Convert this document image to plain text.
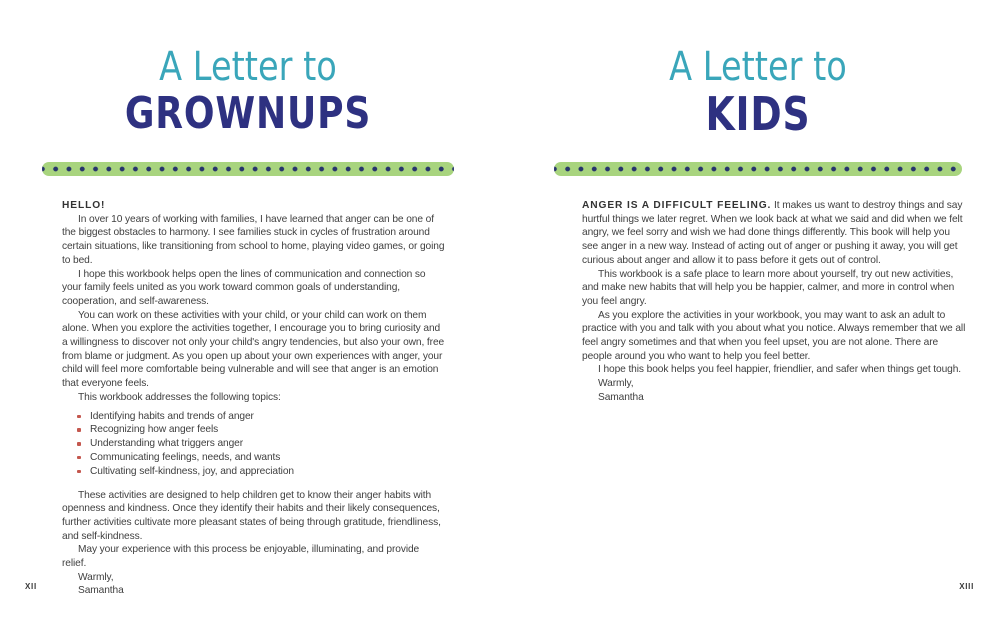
A Letter to
GROWNUPS

HELLO!

In over 10 years of working with families, I have learned that anger can be one of the biggest obstacles to harmony. I see families stuck in cycles of frustration around certain situations, like transitioning from school to home, playing video games, or going to bed.

I hope this workbook helps open the lines of communication and connection so your family feels united as you work toward common goals of understanding, cooperation, and self-awareness.

You can work on these activities with your child, or your child can work on them alone. When you explore the activities together, I encourage you to bring curiosity and a willingness to discover not only your child's angry tendencies, but also your own, free from blame or judgment. As you open up about your own experiences with anger, your child will feel more comfortable being vulnerable and will see that anger is an emotion that everyone feels.

This workbook addresses the following topics:

Identifying habits and trends of anger
Recognizing how anger feels
Understanding what triggers anger
Communicating feelings, needs, and wants
Cultivating self-kindness, joy, and appreciation

These activities are designed to help children get to know their anger habits with openness and kindness. Once they identify their habits and their likely consequences, further activities cultivate more pleasant states of being through gratitude, friendliness, and self-kindness.

May your experience with this process be enjoyable, illuminating, and provide relief.

Warmly,

Samantha

XII
A Letter to
KIDS

ANGER IS A DIFFICULT FEELING. It makes us want to destroy things and say hurtful things we later regret. When we look back at what we said and did when we felt angry, we feel sorry and wish we had done things differently. This book will help you see anger in a new way. Instead of acting out of anger or pushing it away, you will get curious about anger and allow it to pass before it gets out of control.

This workbook is a safe place to learn more about yourself, try out new activities, and make new habits that will help you be happier, calmer, and more in control when you feel angry.

As you explore the activities in your workbook, you may want to ask an adult to practice with you and talk with you about what you notice. Always remember that we all feel angry sometimes and that when you feel upset, you are not alone. There are people around you who want to help you feel better.

I hope this book helps you feel happier, friendlier, and safer when things get tough.

Warmly,

Samantha

XIII
